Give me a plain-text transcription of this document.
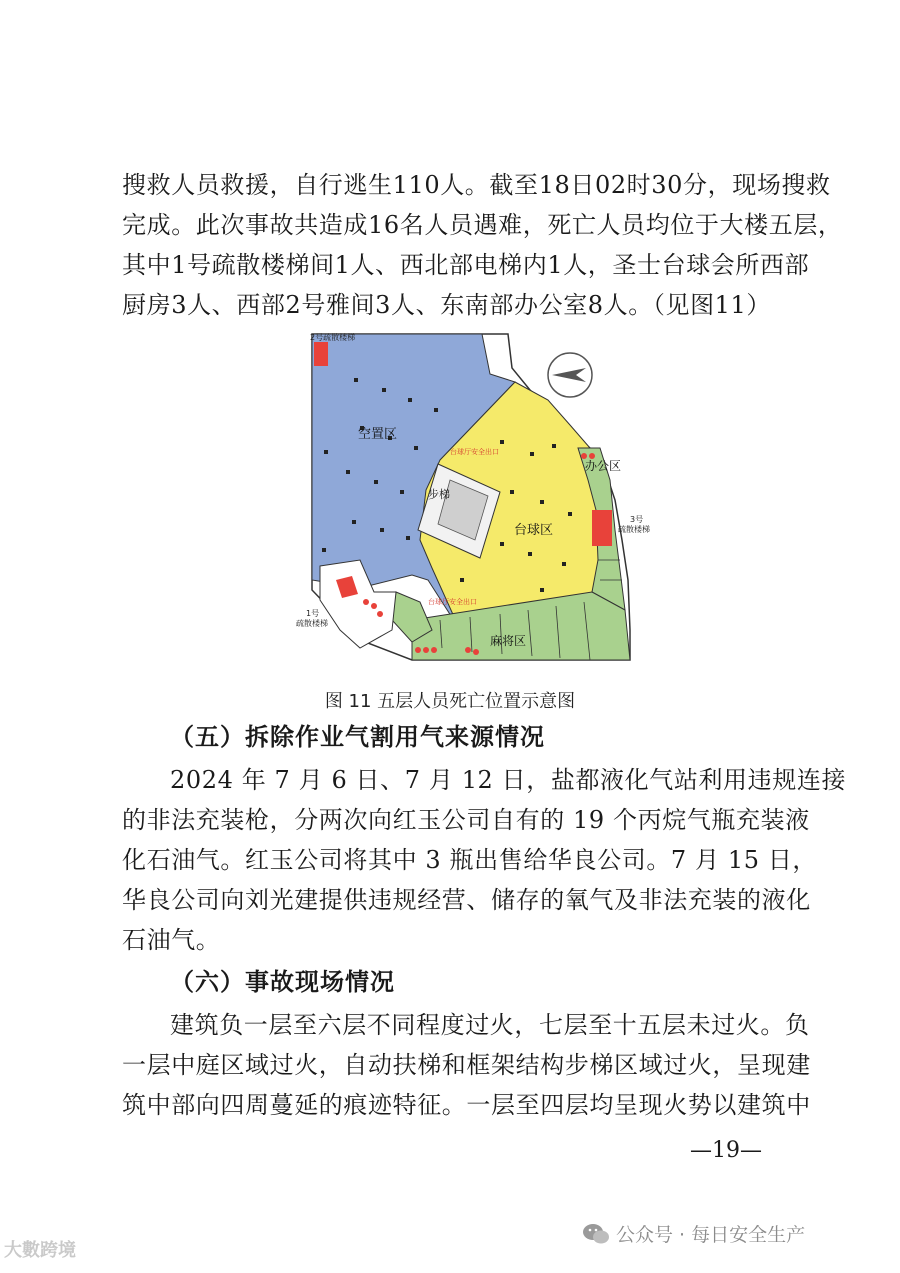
搜救人员救援，自行逃生110人。截至18日02时30分，现场搜救
完成。此次事故共造成16名人员遇难，死亡人员均位于大楼五层，
其中1号疏散楼梯间1人、西北部电梯内1人，圣士台球会所西部
厨房3人、西部2号雅间3人、东南部办公室8人。（见图11）
2号疏散楼梯
空置区
步梯
台球区
麻将区
办公区
3号
疏散楼梯
1号
疏散楼梯
台球厅安全出口
台球厅安全出口
图 11 五层人员死亡位置示意图
（五）拆除作业气割用气来源情况
2024 年 7 月 6 日、7 月 12 日，盐都液化气站利用违规连接
的非法充装枪，分两次向红玉公司自有的 19 个丙烷气瓶充装液
化石油气。红玉公司将其中 3 瓶出售给华良公司。7 月 15 日，
华良公司向刘光建提供违规经营、储存的氧气及非法充装的液化
石油气。
（六）事故现场情况
建筑负一层至六层不同程度过火，七层至十五层未过火。负
一层中庭区域过火，自动扶梯和框架结构步梯区域过火，呈现建
筑中部向四周蔓延的痕迹特征。一层至四层均呈现火势以建筑中
—19—
公众号 · 每日安全生产
大數跨境
